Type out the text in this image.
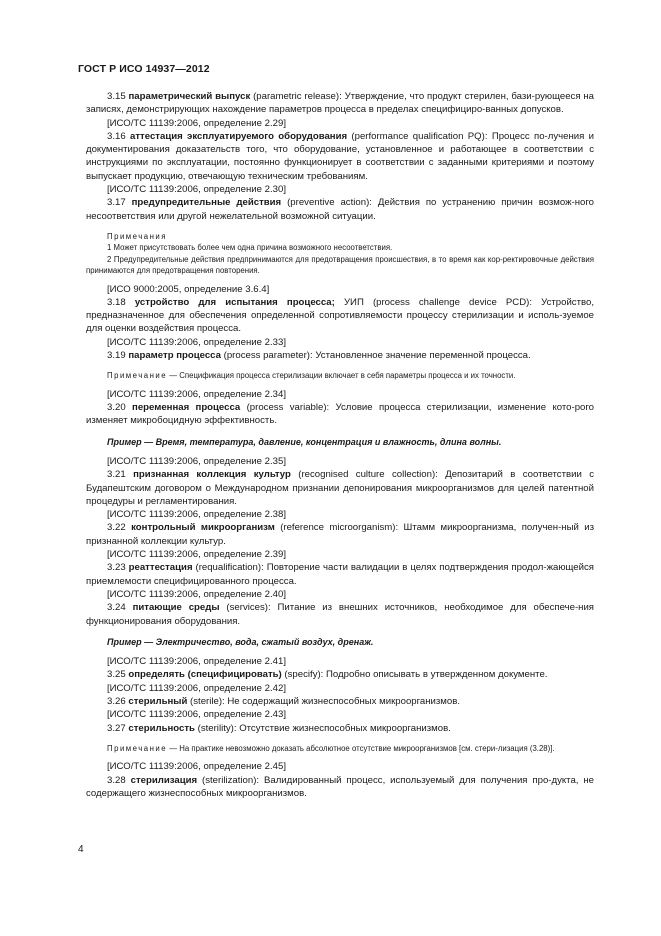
ГОСТ Р ИСО 14937—2012

3.15 параметрический выпуск (parametric release): Утверждение, что продукт стерилен, бази-рующееся на записях, демонстрирующих нахождение параметров процесса в пределах специфициро-ванных допусков.

[ИСО/ТС 11139:2006, определение 2.29]

3.16 аттестация эксплуатируемого оборудования (performance qualification PQ): Процесс по-лучения и документирования доказательств того, что оборудование, установленное и работающее в соответствии с инструкциями по эксплуатации, постоянно функционирует в соответствии с заданными критериями и поэтому выпускает продукцию, отвечающую техническим требованиям.

[ИСО/ТС 11139:2006, определение 2.30]

3.17 предупредительные действия (preventive action): Действия по устранению причин возмож-ного несоответствия или другой нежелательной возможной ситуации.

Примечания

1 Может присутствовать более чем одна причина возможного несоответствия.

2 Предупредительные действия предпринимаются для предотвращения происшествия, в то время как кор-ректировочные действия принимаются для предотвращения повторения.

[ИСО 9000:2005, определение 3.6.4]

3.18 устройство для испытания процесса; УИП (process challenge device PCD): Устройство, предназначенное для обеспечения определенной сопротивляемости процессу стерилизации и исполь-зуемое для оценки воздействия процесса.

[ИСО/ТС 11139:2006, определение 2.33]

3.19 параметр процесса (process parameter): Установленное значение переменной процесса.

Примечание — Спецификация процесса стерилизации включает в себя параметры процесса и их точности.

[ИСО/ТС 11139:2006, определение 2.34]

3.20 переменная процесса (process variable): Условие процесса стерилизации, изменение кото-рого изменяет микробоцидную эффективность.

Пример — Время, температура, давление, концентрация и влажность, длина волны.

[ИСО/ТС 11139:2006, определение 2.35]

3.21 признанная коллекция культур (recognised culture collection): Депозитарий в соответствии с Будапештским договором о Международном признании депонирования микроорганизмов для целей патентной процедуры и регламентирования.

[ИСО/ТС 11139:2006, определение 2.38]

3.22 контрольный микроорганизм (reference microorganism): Штамм микроорганизма, получен-ный из признанной коллекции культур.

[ИСО/ТС 11139:2006, определение 2.39]

3.23 реаттестация (requalification): Повторение части валидации в целях подтверждения продол-жающейся приемлемости специфицированного процесса.

[ИСО/ТС 11139:2006, определение 2.40]

3.24 питающие среды (services): Питание из внешних источников, необходимое для обеспече-ния функционирования оборудования.

Пример — Электричество, вода, сжатый воздух, дренаж.

[ИСО/ТС 11139:2006, определение 2.41]

3.25 определять (специфицировать) (specify): Подробно описывать в утвержденном документе.

[ИСО/ТС 11139:2006, определение 2.42]

3.26 стерильный (sterile): Не содержащий жизнеспособных микроорганизмов.

[ИСО/ТС 11139:2006, определение 2.43]

3.27 стерильность (sterility): Отсутствие жизнеспособных микроорганизмов.

Примечание — На практике невозможно доказать абсолютное отсутствие микроорганизмов [см. стери-лизация (3.28)].

[ИСО/ТС 11139:2006, определение 2.45]

3.28 стерилизация (sterilization): Валидированный процесс, используемый для получения про-дукта, не содержащего жизнеспособных микроорганизмов.

4
